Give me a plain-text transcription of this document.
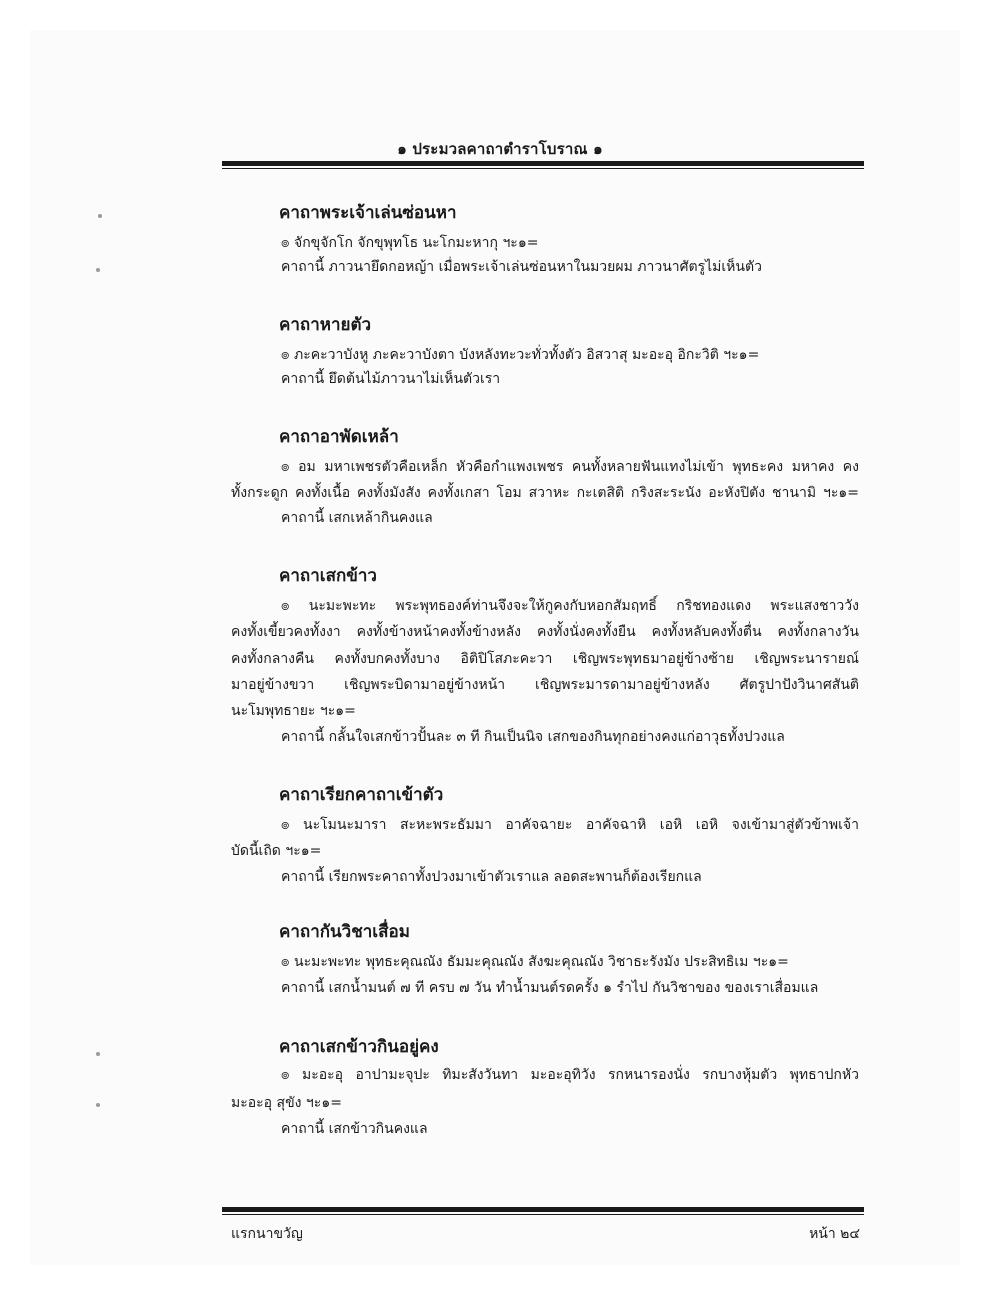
๑ ประมวลคาถาตำราโบราณ ๑
คาถาพระเจ้าเล่นซ่อนหา
๏ จักขุจักโก จักขุพุทโธ นะโกมะหากุ ฯะ๑=
คาถานี้ ภาวนายึดกอหญ้า เมื่อพระเจ้าเล่นซ่อนหาในมวยผม ภาวนาศัตรูไม่เห็นตัว
คาถาหายตัว
๏ ภะคะวาบังหู ภะคะวาบังตา บังหลังทะวะทั่วทั้งตัว อิสวาสุ มะอะอุ อิกะวิติ ฯะ๑=
คาถานี้ ยึดต้นไม้ภาวนาไม่เห็นตัวเรา
คาถาอาพัดเหล้า
๏ อม มหาเพชรตัวคือเหล็ก หัวคือกำแพงเพชร คนทั้งหลายฟันแทงไม่เข้า พุทธะคง มหาคง คง
ทั้งกระดูก คงทั้งเนื้อ คงทั้งมังสัง คงทั้งเกสา โอม สวาหะ กะเตสิติ กริงสะระนัง อะหังปิตัง ชานามิ ฯะ๑=
คาถานี้ เสกเหล้ากินคงแล
คาถาเสกข้าว
๏ นะมะพะทะ พระพุทธองค์ท่านจึงจะให้กูคงกับหอกสัมฤทธิ์ กริชทองแดง พระแสงชาววัง
คงทั้งเขี้ยวคงทั้งงา คงทั้งข้างหน้าคงทั้งข้างหลัง คงทั้งนั่งคงทั้งยืน คงทั้งหลับคงทั้งตื่น คงทั้งกลางวัน
คงทั้งกลางคืน คงทั้งบกคงทั้งบาง อิติปิโสภะคะวา เชิญพระพุทธมาอยู่ข้างซ้าย เชิญพระนารายณ์
มาอยู่ข้างขวา เชิญพระบิดามาอยู่ข้างหน้า เชิญพระมารดามาอยู่ข้างหลัง ศัตรูปาปังวินาศสันติ
นะโมพุทธายะ ฯะ๑=
คาถานี้ กลั้นใจเสกข้าวปั้นละ ๓ ที กินเป็นนิจ เสกของกินทุกอย่างคงแก่อาวุธทั้งปวงแล
คาถาเรียกคาถาเข้าตัว
๏ นะโมนะมารา สะหะพระธัมมา อาคัจฉายะ อาคัจฉาหิ เอหิ เอหิ จงเข้ามาสู่ตัวข้าพเจ้า
บัดนี้เถิด ฯะ๑=
คาถานี้ เรียกพระคาถาทั้งปวงมาเข้าตัวเราแล ลอดสะพานก็ต้องเรียกแล
คาถากันวิชาเสื่อม
๏ นะมะพะทะ พุทธะคุณณัง ธัมมะคุณณัง สังฆะคุณณัง วิชาธะรังมัง ประสิทธิเม ฯะ๑=
คาถานี้ เสกน้ำมนต์ ๗ ที ครบ ๗ วัน ทำน้ำมนต์รดครั้ง ๑ รำไป กันวิชาของ ของเราเสื่อมแล
คาถาเสกข้าวกินอยู่คง
๏ มะอะอุ อาปามะจุปะ ทิมะสังวันทา มะอะอุทิวัง รกหนารองนั่ง รกบางหุ้มตัว พุทธาปกหัว
มะอะอุ สุขัง ฯะ๑=
คาถานี้ เสกข้าวกินคงแล
แรกนาขวัญ	หน้า ๒๔
